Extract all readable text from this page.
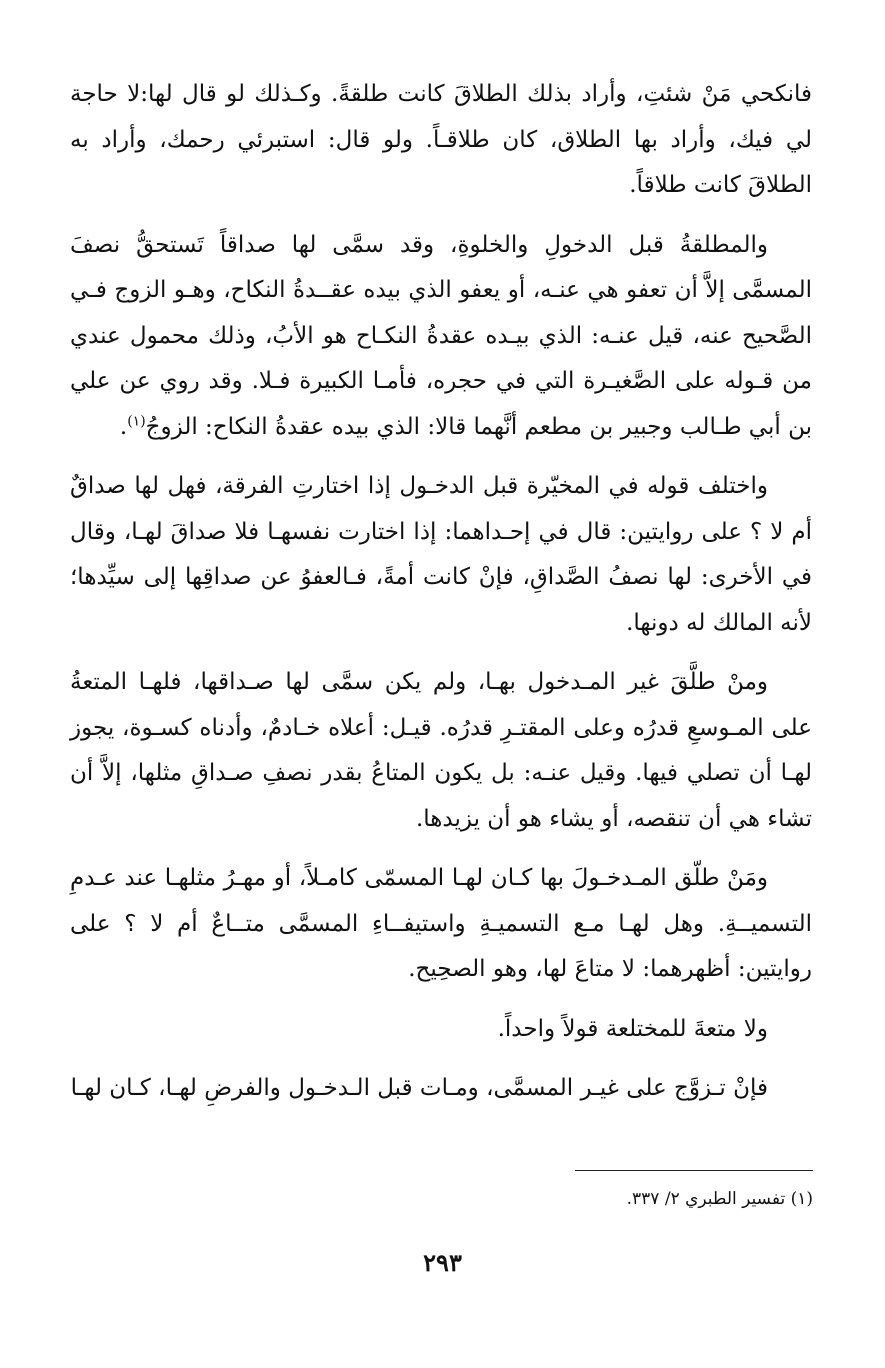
فانكحي مَنْ شئتِ، وأراد بذلك الطلاقَ كانت طلقةً. وكـذلك لو قال لها:لا حاجة لي فيك، وأراد بها الطلاق، كان طلاقـاً. ولو قال: استبرئي رحمك، وأراد به الطلاقَ كانت طلاقاً.

والمطلقةُ قبل الدخولِ والخلوةِ، وقد سمَّى لها صداقاً تَستحقُّ نصفَ المسمَّى إلاَّ أن تعفو هي عنـه، أو يعفو الذي بيده عقــدةُ النكاح، وهـو الزوج فـي الصَّحيح عنه، قيل عنـه: الذي بيـده عقدةُ النكـاح هو الأبُ، وذلك محمول عندي من قـوله على الصَّغيـرة التي في حجره، فأمـا الكبيرة فـلا. وقد روي عن علي بن أبي طـالب وجبير بن مطعم أنَّهما قالا: الذي بيده عقدةُ النكاح: الزوجُ$^{(١)}$.

واختلف قوله في المخيّرة قبل الدخـول إذا اختارتِ الفرقة، فهل لها صداقٌ أم لا ؟ على روايتين: قال في إحـداهما: إذا اختارت نفسهـا فلا صداقَ لهـا، وقال في الأخرى: لها نصفُ الصَّداقِ، فإنْ كانت أمةً، فـالعفوُ عن صداقِها إلى سيِّدها؛ لأنه المالك له دونها.

ومنْ طلَّقَ غير المـدخول بهـا، ولم يكن سمَّى لها صـداقها، فلهـا المتعةُ على المـوسعِ قدرُه وعلى المقتـرِ قدرُه. قيـل: أعلاه خـادمٌ، وأدناه كسـوة، يجوز لهـا أن تصلي فيها. وقيل عنـه: بل يكون المتاعُ بقدر نصفِ صـداقِ مثلها، إلاَّ أن تشاء هي أن تنقصه، أو يشاء هو أن يزيدها.

ومَنْ طلّق المـدخـولَ بها كـان لهـا المسمّى كامـلاً، أو مهـرُ مثلهـا عند عـدمِ التسميــةِ. وهل لهـا مـع التسميـةِ واستيفــاءِ المسمَّى متــاعٌ أم لا ؟ على روايتين: أظهرهما: لا متاعَ لها، وهو الصحِيح.

ولا متعةَ للمختلعة قولاً واحداً.

فإنْ تـزوَّج على غيـر المسمَّى، ومـات قبل الـدخـول والفرضِ لهـا، كـان لهـا

(١) تفسير الطبري ٢/ ٣٣٧.
٢٩٣
